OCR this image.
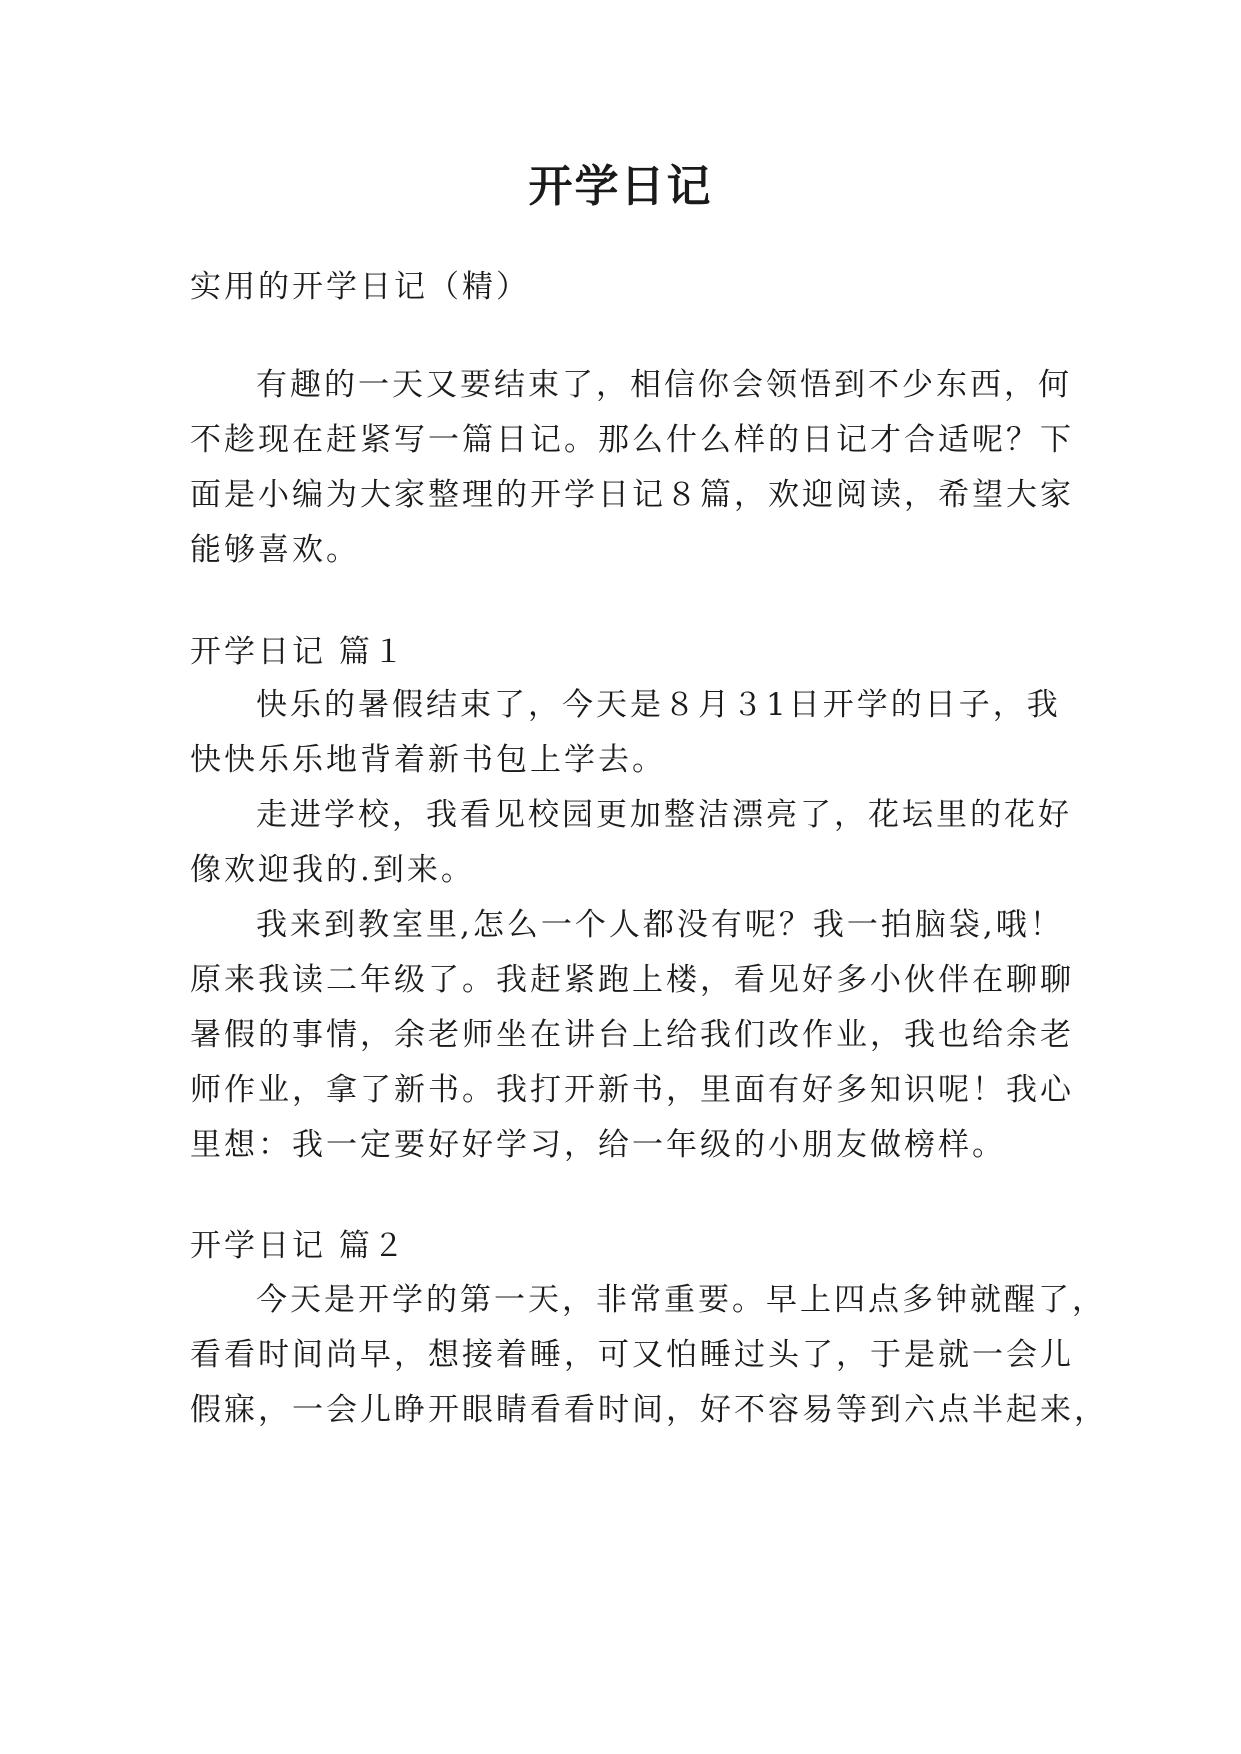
开学日记

实用的开学日记（精）

有趣的一天又要结束了，相信你会领悟到不少东西，何

不趁现在赶紧写一篇日记。那么什么样的日记才合适呢？下

面是小编为大家整理的开学日记８篇，欢迎阅读，希望大家

能够喜欢。

开学日记 篇１

快乐的暑假结束了，今天是８月３1日开学的日子，我

快快乐乐地背着新书包上学去。

走进学校，我看见校园更加整洁漂亮了，花坛里的花好

像欢迎我的.到来。

我来到教室里,怎么一个人都没有呢？我一拍脑袋,哦！

原来我读二年级了。我赶紧跑上楼，看见好多小伙伴在聊聊

暑假的事情，余老师坐在讲台上给我们改作业，我也给余老

师作业，拿了新书。我打开新书，里面有好多知识呢！我心

里想：我一定要好好学习，给一年级的小朋友做榜样。

开学日记 篇２

今天是开学的第一天，非常重要。早上四点多钟就醒了，

看看时间尚早，想接着睡，可又怕睡过头了，于是就一会儿

假寐，一会儿睁开眼睛看看时间，好不容易等到六点半起来，
